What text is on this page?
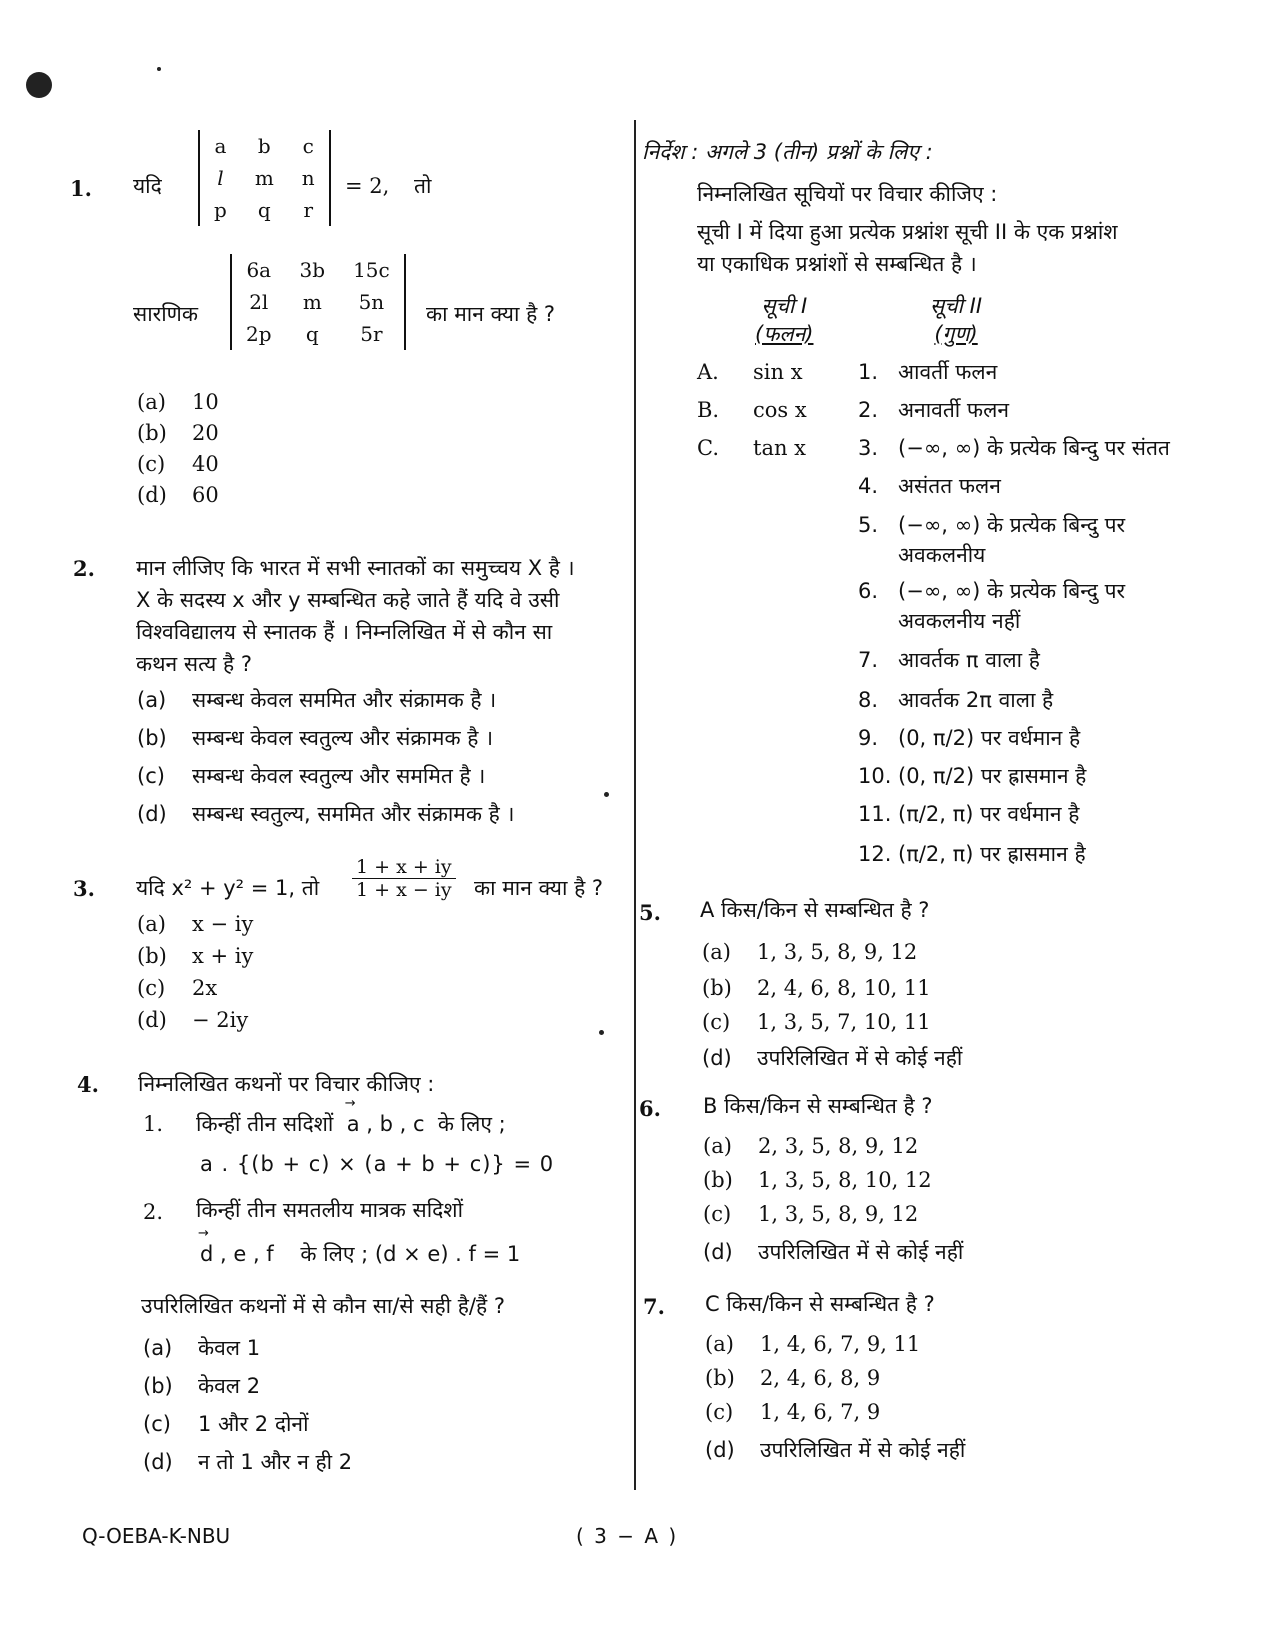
1. यदि
a	b	c
l	m	n
p	q	r
= 2, तो
सारणिक
6a	3b	15c
2l	m	5n
2p	q	5r
का मान क्या है ?
(a) 10
(b) 20
(c) 40
(d) 60
2. मान लीजिए कि भारत में सभी स्नातकों का समुच्चय X है ।
X के सदस्य x और y सम्बन्धित कहे जाते हैं यदि वे उसी
विश्वविद्यालय से स्नातक हैं । निम्नलिखित में से कौन सा
कथन सत्य है ?
(a) सम्बन्ध केवल सममित और संक्रामक है ।
(b) सम्बन्ध केवल स्वतुल्य और संक्रामक है ।
(c) सम्बन्ध केवल स्वतुल्य और सममित है ।
(d) सम्बन्ध स्वतुल्य, सममित और संक्रामक है ।
3. यदि x² + y² = 1, तो $\frac{1 + x + iy}{1 + x - iy}$ का मान क्या है ?
(a) x − iy
(b) x + iy
(c) 2x
(d) − 2iy
4. निम्नलिखित कथनों पर विचार कीजिए :
1. किन्हीं तीन सदिशों → a , b , c के लिए ;
a . {(b + c) × (a + b + c)} = 0
2. किन्हीं तीन समतलीय मात्रक सदिशों
→ d , e , f के लिए ; (d × e) . f = 1
उपरिलिखित कथनों में से कौन सा/से सही है/हैं ?
(a) केवल 1
(b) केवल 2
(c) 1 और 2 दोनों
(d) न तो 1 और न ही 2
निर्देश : अगले 3 (तीन) प्रश्नों के लिए :
निम्नलिखित सूचियों पर विचार कीजिए :
सूची I में दिया हुआ प्रत्येक प्रश्नांश सूची II के एक प्रश्नांश
या एकाधिक प्रश्नांशों से सम्बन्धित है ।
सूची I
(फलन)
सूची II
(गुण)
A. sin x
B. cos x
C. tan x
1. आवर्ती फलन
2. अनावर्ती फलन
3. (−∞, ∞) के प्रत्येक बिन्दु पर संतत
4. असंतत फलन
5. (−∞, ∞) के प्रत्येक बिन्दु पर
अवकलनीय
6. (−∞, ∞) के प्रत्येक बिन्दु पर
अवकलनीय नहीं
7. आवर्तक π वाला है
8. आवर्तक 2π वाला है
9. (0, π/2) पर वर्धमान है
10. (0, π/2) पर ह्रासमान है
11. (π/2, π) पर वर्धमान है
12. (π/2, π) पर ह्रासमान है
5. A किस/किन से सम्बन्धित है ?
(a) 1, 3, 5, 8, 9, 12
(b) 2, 4, 6, 8, 10, 11
(c) 1, 3, 5, 7, 10, 11
(d) उपरिलिखित में से कोई नहीं
6. B किस/किन से सम्बन्धित है ?
(a) 2, 3, 5, 8, 9, 12
(b) 1, 3, 5, 8, 10, 12
(c) 1, 3, 5, 8, 9, 12
(d) उपरिलिखित में से कोई नहीं
7. C किस/किन से सम्बन्धित है ?
(a) 1, 4, 6, 7, 9, 11
(b) 2, 4, 6, 8, 9
(c) 1, 4, 6, 7, 9
(d) उपरिलिखित में से कोई नहीं
Q-OEBA-K-NBU	( 3 − A )
